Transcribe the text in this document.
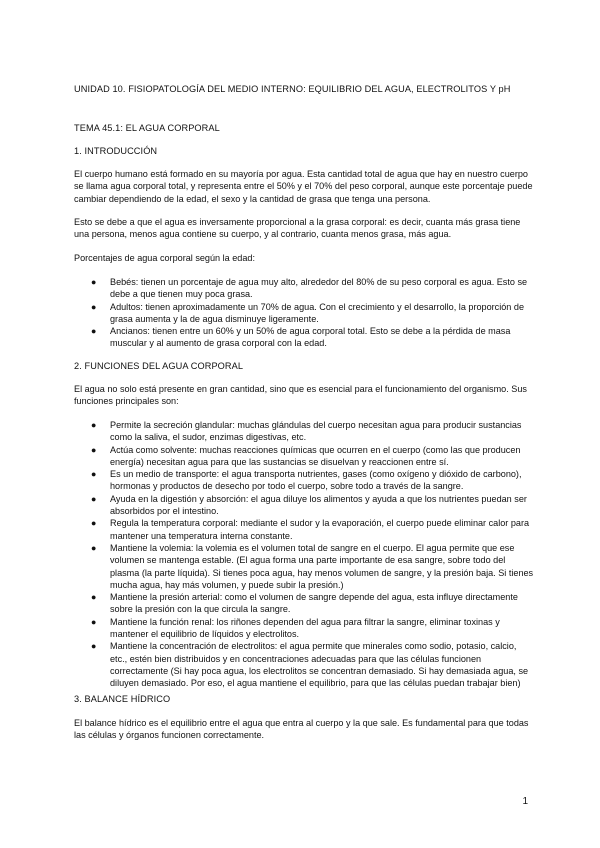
UNIDAD 10. FISIOPATOLOGÍA DEL MEDIO INTERNO: EQUILIBRIO DEL AGUA, ELECTROLITOS Y pH

TEMA 45.1: EL AGUA CORPORAL

1. INTRODUCCIÓN

El cuerpo humano está formado en su mayoría por agua. Esta cantidad total de agua que hay en nuestro cuerpo se llama agua corporal total, y representa entre el 50% y el 70% del peso corporal, aunque este porcentaje puede cambiar dependiendo de la edad, el sexo y la cantidad de grasa que tenga una persona.

Esto se debe a que el agua es inversamente proporcional a la grasa corporal: es decir, cuanta más grasa tiene una persona, menos agua contiene su cuerpo, y al contrario, cuanta menos grasa, más agua.

Porcentajes de agua corporal según la edad:

● Bebés: tienen un porcentaje de agua muy alto, alrededor del 80% de su peso corporal es agua. Esto se debe a que tienen muy poca grasa.
● Adultos: tienen aproximadamente un 70% de agua. Con el crecimiento y el desarrollo, la proporción de grasa aumenta y la de agua disminuye ligeramente.
● Ancianos: tienen entre un 60% y un 50% de agua corporal total. Esto se debe a la pérdida de masa muscular y al aumento de grasa corporal con la edad.

2. FUNCIONES DEL AGUA CORPORAL

El agua no solo está presente en gran cantidad, sino que es esencial para el funcionamiento del organismo. Sus funciones principales son:

● Permite la secreción glandular: muchas glándulas del cuerpo necesitan agua para producir sustancias como la saliva, el sudor, enzimas digestivas, etc.
● Actúa como solvente: muchas reacciones químicas que ocurren en el cuerpo (como las que producen energía) necesitan agua para que las sustancias se disuelvan y reaccionen entre sí.
● Es un medio de transporte: el agua transporta nutrientes, gases (como oxígeno y dióxido de carbono), hormonas y productos de desecho por todo el cuerpo, sobre todo a través de la sangre.
● Ayuda en la digestión y absorción: el agua diluye los alimentos y ayuda a que los nutrientes puedan ser absorbidos por el intestino.
● Regula la temperatura corporal: mediante el sudor y la evaporación, el cuerpo puede eliminar calor para mantener una temperatura interna constante.
● Mantiene la volemia: la volemia es el volumen total de sangre en el cuerpo. El agua permite que ese volumen se mantenga estable. (El agua forma una parte importante de esa sangre, sobre todo del plasma (la parte líquida). Si tienes poca agua, hay menos volumen de sangre, y la presión baja. Si tienes mucha agua, hay más volumen, y puede subir la presión.)
● Mantiene la presión arterial: como el volumen de sangre depende del agua, esta influye directamente sobre la presión con la que circula la sangre.
● Mantiene la función renal: los riñones dependen del agua para filtrar la sangre, eliminar toxinas y mantener el equilibrio de líquidos y electrolitos.
● Mantiene la concentración de electrolitos: el agua permite que minerales como sodio, potasio, calcio, etc., estén bien distribuidos y en concentraciones adecuadas para que las células funcionen correctamente (Si hay poca agua, los electrolitos se concentran demasiado. Si hay demasiada agua, se diluyen demasiado. Por eso, el agua mantiene el equilibrio, para que las células puedan trabajar bien)

3. BALANCE HÍDRICO

El balance hídrico es el equilibrio entre el agua que entra al cuerpo y la que sale. Es fundamental para que todas las células y órganos funcionen correctamente.

1
